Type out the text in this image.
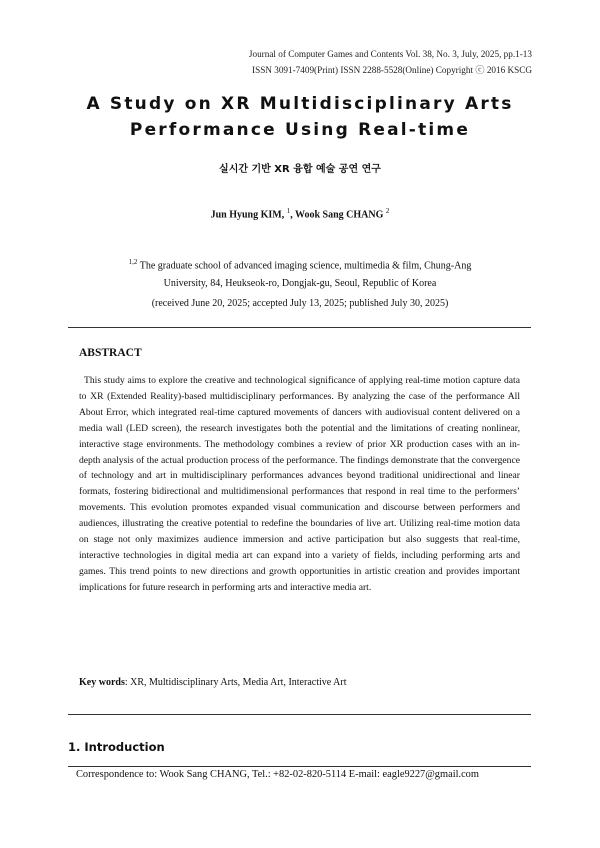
Journal of Computer Games and Contents Vol. 38, No. 3, July, 2025, pp.1-13
ISSN 3091-7409(Print) ISSN 2288-5528(Online) Copyright ⓒ 2016 KSCG
A Study on XR Multidisciplinary Arts
Performance Using Real-time
실시간 기반 XR 융합 예술 공연 연구
Jun Hyung KIM, $^1$, Wook Sang CHANG $^2$
$^{1,2}$ The graduate school of advanced imaging science, multimedia & film, Chung-Ang
University, 84, Heukseok-ro, Dongjak-gu, Seoul, Republic of Korea
(received June 20, 2025; accepted July 13, 2025; published July 30, 2025)
ABSTRACT
This study aims to explore the creative and technological significance of applying real-time motion capture data to XR (Extended Reality)-based multidisciplinary performances. By analyzing the case of the performance All About Error, which integrated real-time captured movements of dancers with audiovisual content delivered on a media wall (LED screen), the research investigates both the potential and the limitations of creating nonlinear, interactive stage environments. The methodology combines a review of prior XR production cases with an in-depth analysis of the actual production process of the performance. The findings demonstrate that the convergence of technology and art in multidisciplinary performances advances beyond traditional unidirectional and linear formats, fostering bidirectional and multidimensional performances that respond in real time to the performers’ movements. This evolution promotes expanded visual communication and discourse between performers and audiences, illustrating the creative potential to redefine the boundaries of live art. Utilizing real-time motion data on stage not only maximizes audience immersion and active participation but also suggests that real-time, interactive technologies in digital media art can expand into a variety of fields, including performing arts and games. This trend points to new directions and growth opportunities in artistic creation and provides important implications for future research in performing arts and interactive media art.
Key words: XR, Multidisciplinary Arts, Media Art, Interactive Art
1. Introduction
Correspondence to: Wook Sang CHANG, Tel.: +82-02-820-5114 E-mail: eagle9227@gmail.com
